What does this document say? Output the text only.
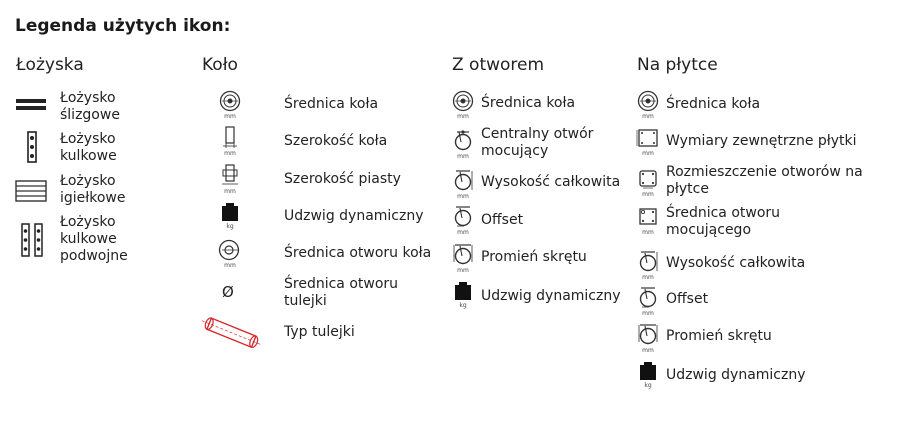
Legenda użytych ikon:
Łożyska
Łożysko
ślizgowe
Łożysko
kulkowe
Łożysko
igiełkowe
Łożysko
kulkowe
podwojne
Koło
mm
Średnica koła
mm
Szerokość koła
mm
Szerokość piasty
kg
Udzwig dynamiczny
mm
Średnica otworu koła
Ø	Średnica otworu
tulejki
Typ tulejki
Z otworem
mm
Średnica koła
mm
Centralny otwór
mocujący
mm
Wysokość całkowita
mm
Offset
mm
Promień skrętu
kg
Udzwig dynamiczny
Na płytce
mm
Średnica koła
mm
Wymiary zewnętrzne płytki
mm
Rozmieszczenie otworów na
płytce
mm
Średnica otworu
mocującego
mm
Wysokość całkowita
mm
Offset
mm
Promień skrętu
kg
Udzwig dynamiczny
